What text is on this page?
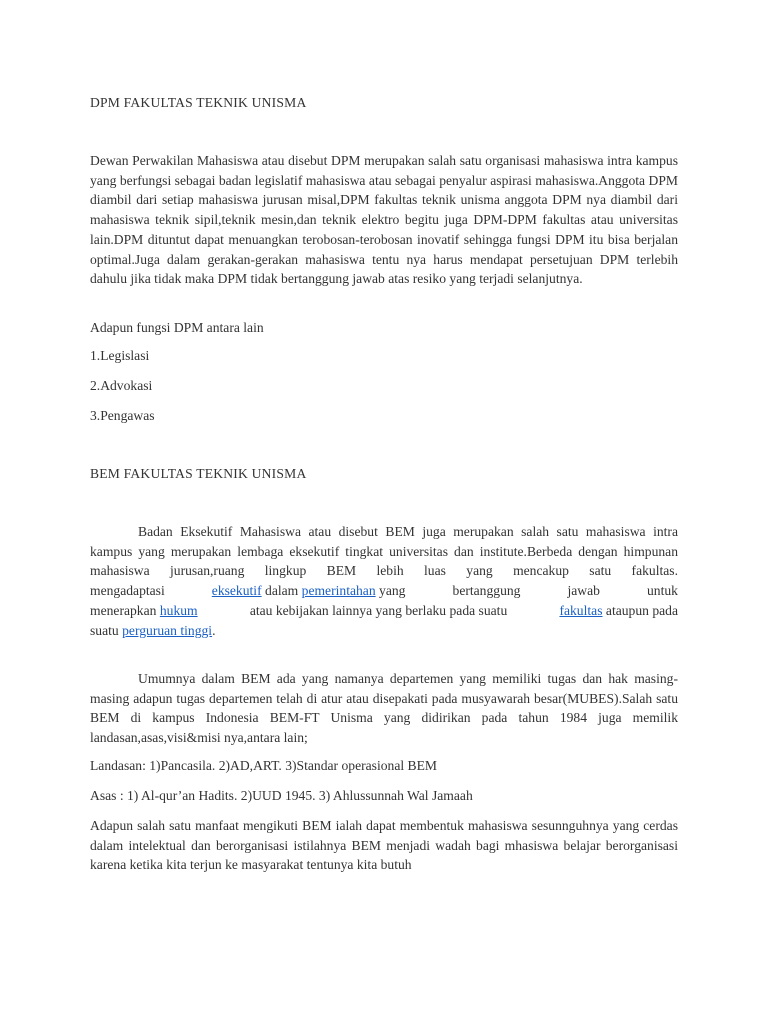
DPM FAKULTAS TEKNIK UNISMA

Dewan Perwakilan Mahasiswa atau disebut DPM merupakan salah satu organisasi mahasiswa intra kampus yang berfungsi sebagai badan legislatif mahasiswa atau sebagai penyalur aspirasi mahasiswa.Anggota DPM diambil dari setiap mahasiswa jurusan misal,DPM fakultas teknik unisma anggota DPM nya diambil dari mahasiswa teknik sipil,teknik mesin,dan teknik elektro begitu juga DPM-DPM fakultas atau universitas lain.DPM dituntut dapat menuangkan terobosan-terobosan inovatif sehingga fungsi DPM itu bisa berjalan optimal.Juga dalam gerakan-gerakan mahasiswa tentu nya harus mendapat persetujuan DPM terlebih dahulu jika tidak maka DPM tidak bertanggung jawab atas resiko yang terjadi selanjutnya.

Adapun fungsi DPM antara lain
1.Legislasi
2.Advokasi
3.Pengawas
BEM FAKULTAS TEKNIK UNISMA
Badan Eksekutif Mahasiswa atau disebut BEM juga merupakan salah satu mahasiswa intra kampus yang merupakan lembaga eksekutif tingkat universitas dan institute.Berbeda dengan himpunan mahasiswa jurusan,ruang lingkup BEM lebih luas yang mencakup satu fakultas.
mengadaptasi	eksekutif dalam pemerintahan yang	bertanggung	jawab	untuk
menerapkan hukum	atau kebijakan lainnya yang berlaku pada suatu	fakultas ataupun pada
suatu perguruan tinggi.

Umumnya dalam BEM ada yang namanya departemen yang memiliki tugas dan hak masing-masing adapun tugas departemen telah di atur atau disepakati pada musyawarah besar(MUBES).Salah satu BEM di kampus Indonesia BEM-FT Unisma yang didirikan pada tahun 1984 juga memilik landasan,asas,visi&misi nya,antara lain;

Landasan: 1)Pancasila. 2)AD,ART. 3)Standar operasional BEM
Asas : 1) Al-qur’an Hadits. 2)UUD 1945. 3) Ahlussunnah Wal Jamaah

Adapun salah satu manfaat mengikuti BEM ialah dapat membentuk mahasiswa sesunnguhnya yang cerdas dalam intelektual dan berorganisasi istilahnya BEM menjadi wadah bagi mhasiswa belajar berorganisasi karena ketika kita terjun ke masyarakat tentunya kita butuh
